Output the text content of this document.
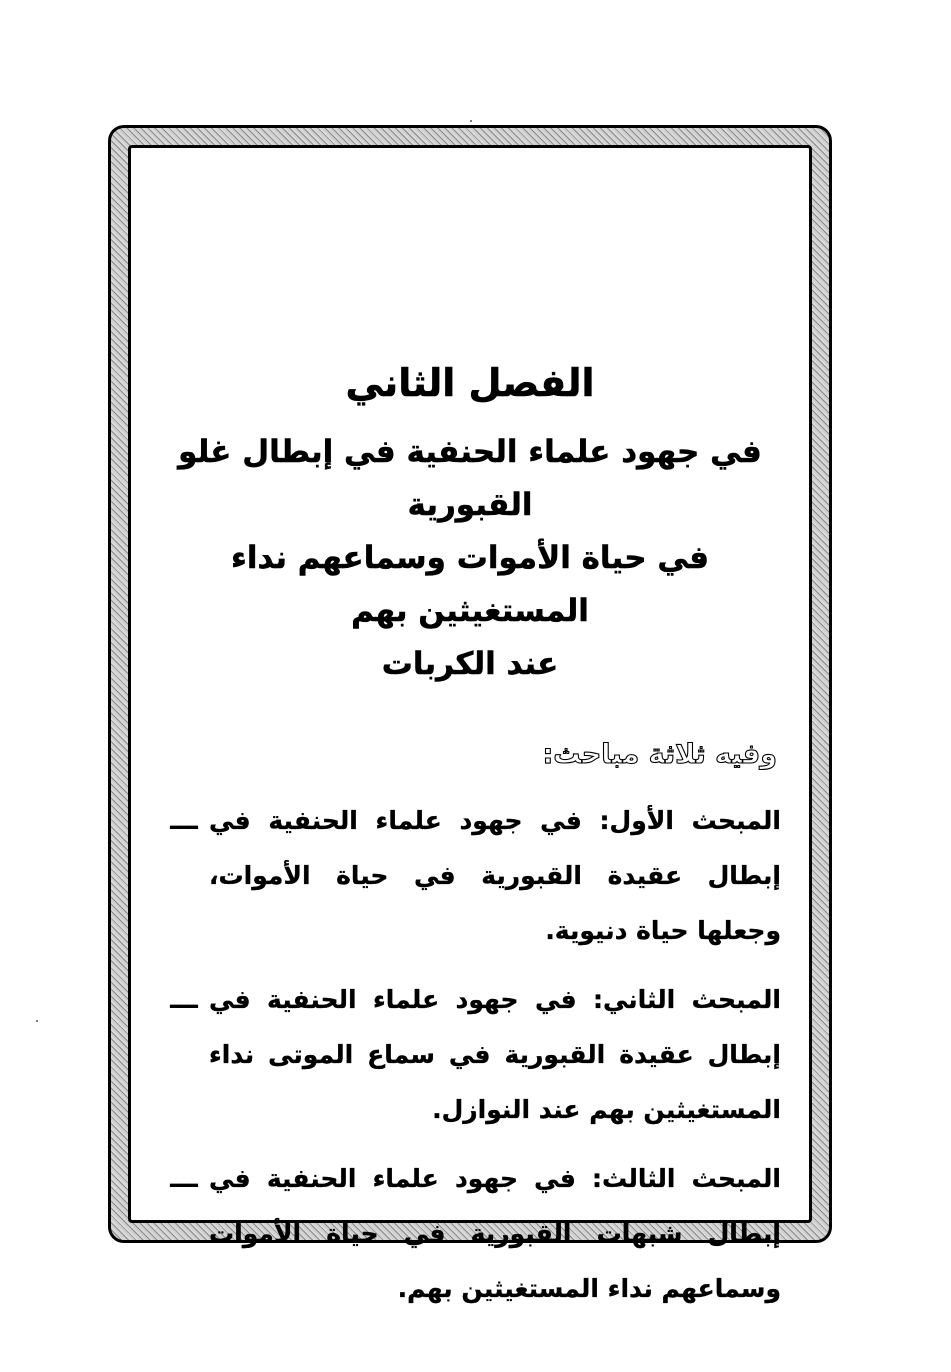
الفصل الثاني

في جهود علماء الحنفية في إبطال غلو القبورية

في حياة الأموات وسماعهم نداء المستغيثين بهم

عند الكربات

وفيه ثلاثة مباحث:

المبحث الأول: في جهود علماء الحنفية في إبطال عقيدة القبورية في حياة الأموات، وجعلها حياة دنيوية.
ـــ
المبحث الثاني: في جهود علماء الحنفية في إبطال عقيدة القبورية في سماع الموتى نداء المستغيثين بهم عند النوازل.
ـــ
المبحث الثالث: في جهود علماء الحنفية في إبطال شبهات القبورية في حياة الأموات وسماعهم نداء المستغيثين بهم.
ـــ
